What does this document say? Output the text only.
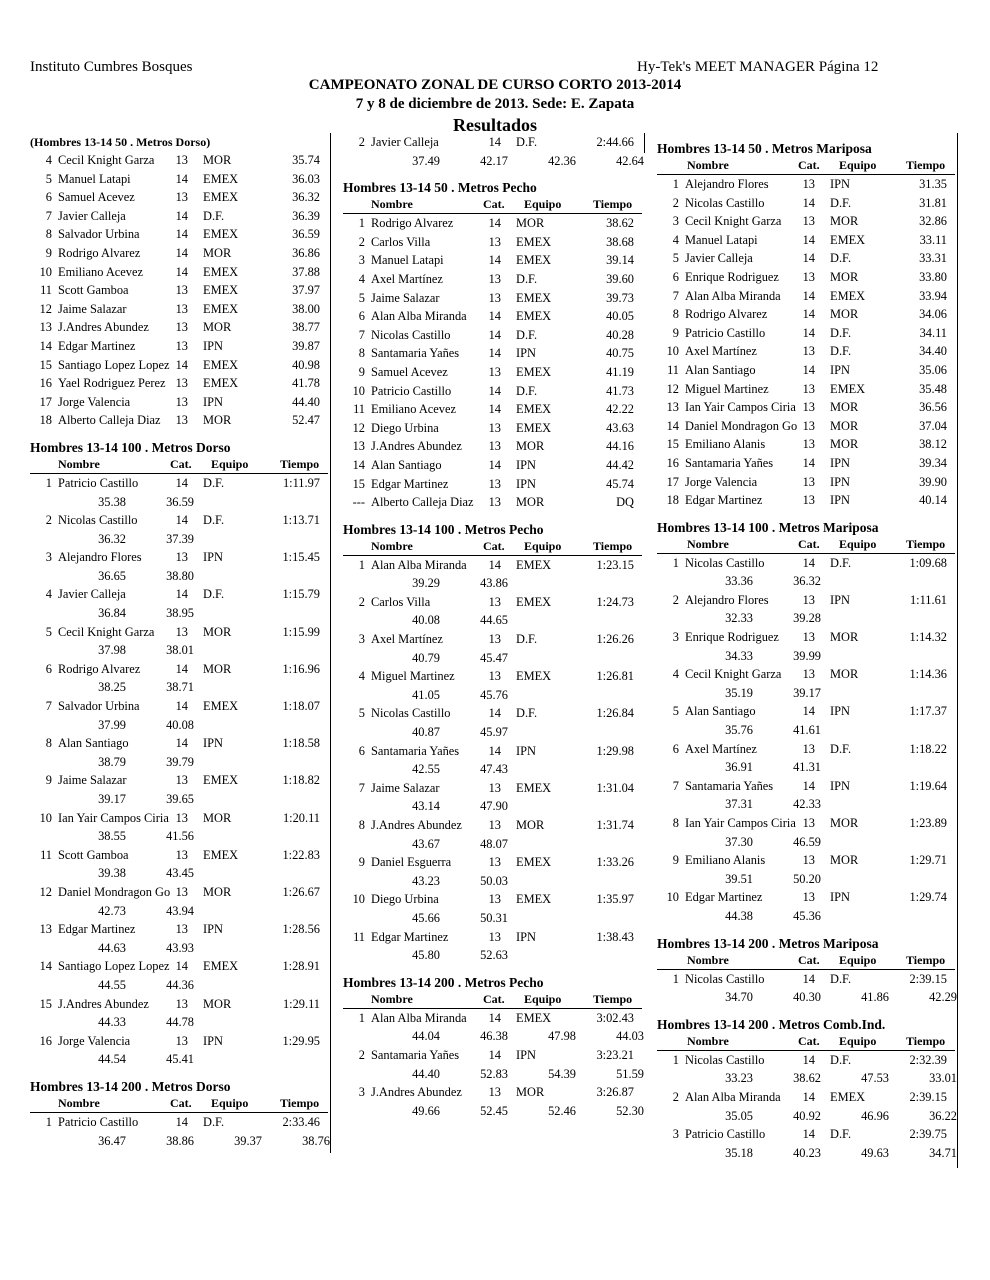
Instituto Cumbres Bosques	Hy-Tek's MEET MANAGER Página 12
CAMPEONATO ZONAL DE CURSO CORTO 2013-2014
7 y 8 de diciembre de 2013. Sede: E. Zapata
Resultados
(Hombres 13-14 50 . Metros Dorso)
4 Cecil Knight Garza	13 MOR	35.74
5 Manuel Latapi	14 EMEX	36.03
6 Samuel Acevez	13 EMEX	36.32
7 Javier Calleja	14 D.F.	36.39
8 Salvador Urbina	14 EMEX	36.59
9 Rodrigo Alvarez	14 MOR	36.86
10 Emiliano Acevez	14 EMEX	37.88
11 Scott Gamboa	13 EMEX	37.97
12 Jaime Salazar	13 EMEX	38.00
13 J.Andres Abundez	13 MOR	38.77
14 Edgar Martinez	13 IPN	39.87
15 Santiago Lopez Lopez 14 EMEX	40.98
16 Yael Rodriguez Perez 13 EMEX	41.78
17 Jorge Valencia	13 IPN	44.40
18 Alberto Calleja Diaz	13 MOR	52.47
Hombres 13-14 100 . Metros Dorso
Nombre	Cat. Equipo	Tiempo
1 Patricio Castillo	14 D.F.	1:11.97
35.38	36.59
2 Nicolas Castillo	14 D.F.	1:13.71
36.32	37.39
3 Alejandro Flores	13 IPN	1:15.45
36.65	38.80
4 Javier Calleja	14 D.F.	1:15.79
36.84	38.95
5 Cecil Knight Garza	13 MOR	1:15.99
37.98	38.01
6 Rodrigo Alvarez	14 MOR	1:16.96
38.25	38.71
7 Salvador Urbina	14 EMEX	1:18.07
37.99	40.08
8 Alan Santiago	14 IPN	1:18.58
38.79	39.79
9 Jaime Salazar	13 EMEX	1:18.82
39.17	39.65
10 Ian Yair Campos Ciria 13 MOR	1:20.11
38.55	41.56
11 Scott Gamboa	13 EMEX	1:22.83
39.38	43.45
12 Daniel Mondragon Go 13 MOR	1:26.67
42.73	43.94
13 Edgar Martinez	13 IPN	1:28.56
44.63	43.93
14 Santiago Lopez Lopez 14 EMEX	1:28.91
44.55	44.36
15 J.Andres Abundez	13 MOR	1:29.11
44.33	44.78
16 Jorge Valencia	13 IPN	1:29.95
44.54	45.41
Hombres 13-14 200 . Metros Dorso
Nombre	Cat. Equipo	Tiempo
1 Patricio Castillo	14 D.F.	2:33.46
36.47	38.86	39.37	38.76
2 Javier Calleja	14 D.F.	2:44.66
37.49	42.17	42.36	42.64
Hombres 13-14 50 . Metros Pecho
Nombre	Cat. Equipo	Tiempo
1 Rodrigo Alvarez	14 MOR	38.62
2 Carlos Villa	13 EMEX	38.68
3 Manuel Latapi	14 EMEX	39.14
4 Axel Martínez	13 D.F.	39.60
5 Jaime Salazar	13 EMEX	39.73
6 Alan Alba Miranda	14 EMEX	40.05
7 Nicolas Castillo	14 D.F.	40.28
8 Santamaria Yañes	14 IPN	40.75
9 Samuel Acevez	13 EMEX	41.19
10 Patricio Castillo	14 D.F.	41.73
11 Emiliano Acevez	14 EMEX	42.22
12 Diego Urbina	13 EMEX	43.63
13 J.Andres Abundez	13 MOR	44.16
14 Alan Santiago	14 IPN	44.42
15 Edgar Martinez	13 IPN	45.74
--- Alberto Calleja Diaz	13 MOR	DQ
Hombres 13-14 100 . Metros Pecho
Nombre	Cat. Equipo	Tiempo
1 Alan Alba Miranda	14 EMEX	1:23.15
39.29	43.86
2 Carlos Villa	13 EMEX	1:24.73
40.08	44.65
3 Axel Martínez	13 D.F.	1:26.26
40.79	45.47
4 Miguel Martinez	13 EMEX	1:26.81
41.05	45.76
5 Nicolas Castillo	14 D.F.	1:26.84
40.87	45.97
6 Santamaria Yañes	14 IPN	1:29.98
42.55	47.43
7 Jaime Salazar	13 EMEX	1:31.04
43.14	47.90
8 J.Andres Abundez	13 MOR	1:31.74
43.67	48.07
9 Daniel Esguerra	13 EMEX	1:33.26
43.23	50.03
10 Diego Urbina	13 EMEX	1:35.97
45.66	50.31
11 Edgar Martinez	13 IPN	1:38.43
45.80	52.63
Hombres 13-14 200 . Metros Pecho
Nombre	Cat. Equipo	Tiempo
1 Alan Alba Miranda	14 EMEX	3:02.43
44.04	46.38	47.98	44.03
2 Santamaria Yañes	14 IPN	3:23.21
44.40	52.83	54.39	51.59
3 J.Andres Abundez	13 MOR	3:26.87
49.66	52.45	52.46	52.30
Hombres 13-14 50 . Metros Mariposa
Nombre	Cat. Equipo Tiempo
1 Alejandro Flores	13 IPN	31.35
2 Nicolas Castillo	14 D.F.	31.81
3 Cecil Knight Garza	13 MOR	32.86
4 Manuel Latapi	14 EMEX	33.11
5 Javier Calleja	14 D.F.	33.31
6 Enrique Rodriguez	13 MOR	33.80
7 Alan Alba Miranda	14 EMEX	33.94
8 Rodrigo Alvarez	14 MOR	34.06
9 Patricio Castillo	14 D.F.	34.11
10 Axel Martínez	13 D.F.	34.40
11 Alan Santiago	14 IPN	35.06
12 Miguel Martinez	13 EMEX	35.48
13 Ian Yair Campos Ciria 13 MOR	36.56
14 Daniel Mondragon Go 13 MOR	37.04
15 Emiliano Alanis	13 MOR	38.12
16 Santamaria Yañes	14 IPN	39.34
17 Jorge Valencia	13 IPN	39.90
18 Edgar Martinez	13 IPN	40.14
Hombres 13-14 100 . Metros Mariposa
Nombre	Cat. Equipo Tiempo
1 Nicolas Castillo	14 D.F.	1:09.68
33.36	36.32
2 Alejandro Flores	13 IPN	1:11.61
32.33	39.28
3 Enrique Rodriguez	13 MOR	1:14.32
34.33	39.99
4 Cecil Knight Garza	13 MOR	1:14.36
35.19	39.17
5 Alan Santiago	14 IPN	1:17.37
35.76	41.61
6 Axel Martínez	13 D.F.	1:18.22
36.91	41.31
7 Santamaria Yañes	14 IPN	1:19.64
37.31	42.33
8 Ian Yair Campos Ciria 13 MOR	1:23.89
37.30	46.59
9 Emiliano Alanis	13 MOR	1:29.71
39.51	50.20
10 Edgar Martinez	13 IPN	1:29.74
44.38	45.36
Hombres 13-14 200 . Metros Mariposa
Nombre	Cat. Equipo Tiempo
1 Nicolas Castillo	14 D.F.	2:39.15
34.70	40.30	41.86	42.29
Hombres 13-14 200 . Metros Comb.Ind.
Nombre	Cat. Equipo Tiempo
1 Nicolas Castillo	14 D.F.	2:32.39
33.23	38.62	47.53	33.01
2 Alan Alba Miranda	14 EMEX	2:39.15
35.05	40.92	46.96	36.22
3 Patricio Castillo	14 D.F.	2:39.75
35.18	40.23	49.63	34.71
